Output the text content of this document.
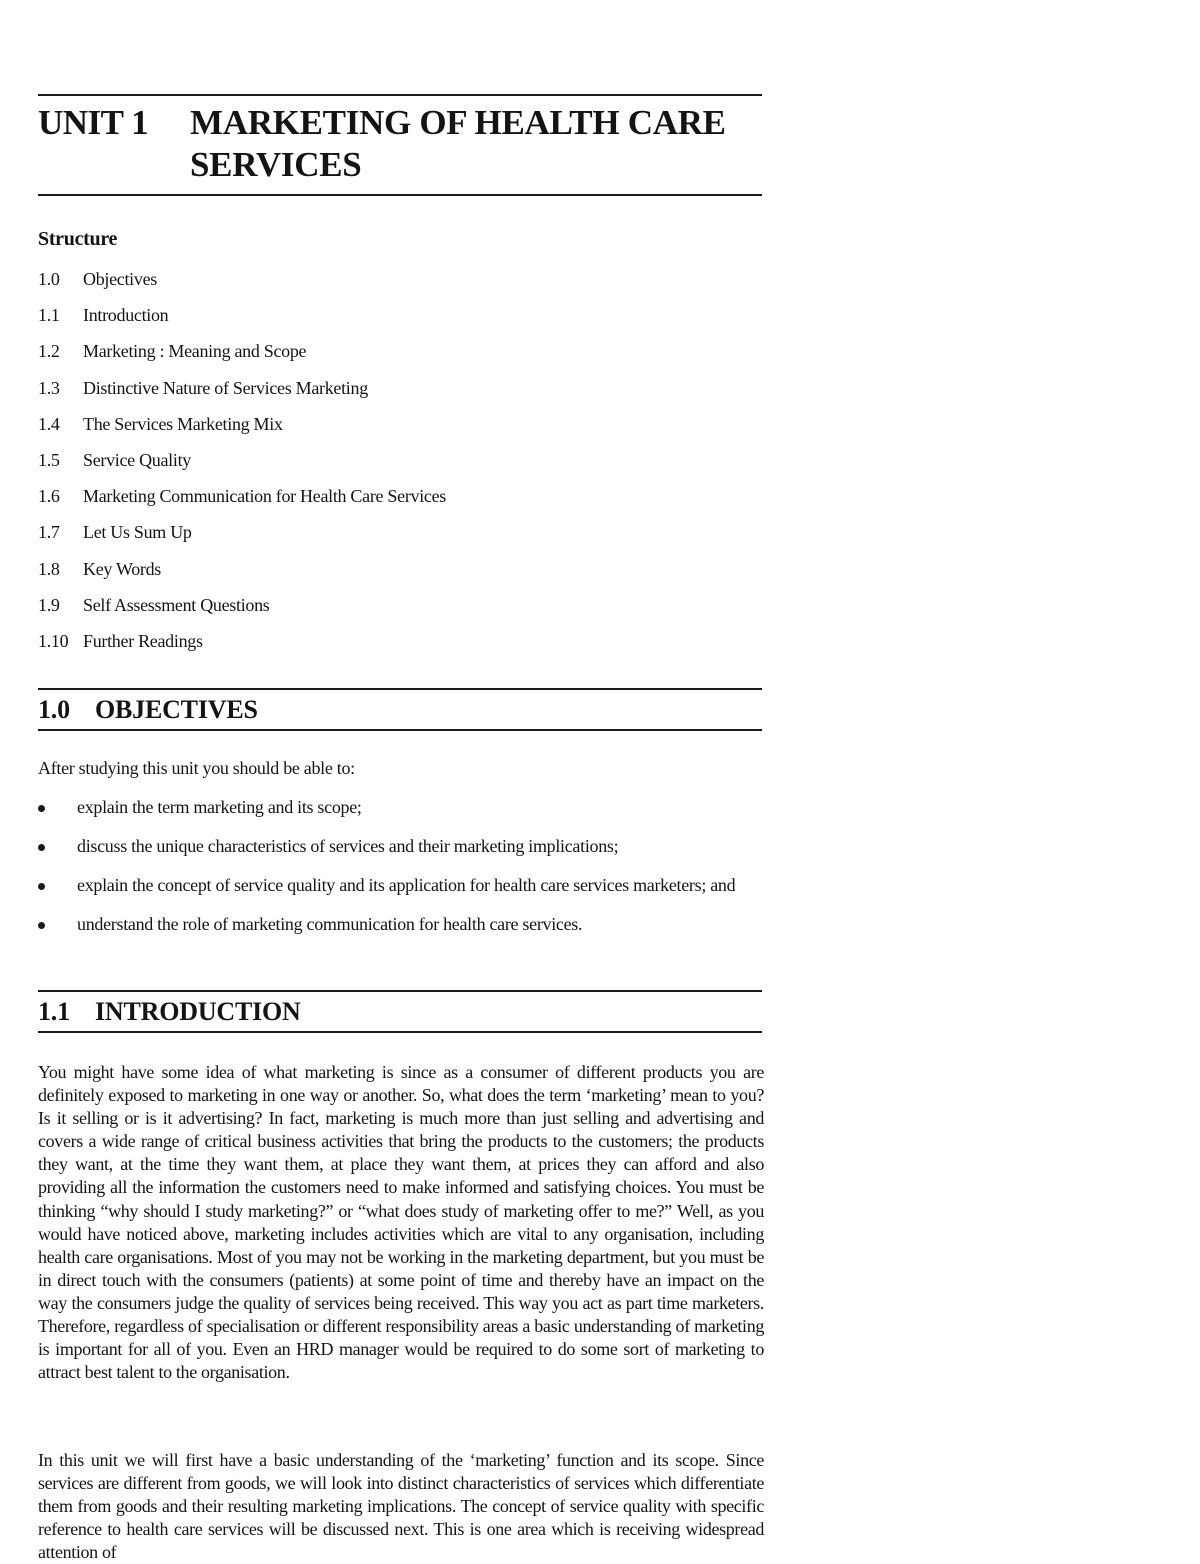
UNIT 1	MARKETING OF HEALTH CARE
SERVICES
Structure
1.0	Objectives
1.1	Introduction
1.2	Marketing : Meaning and Scope
1.3	Distinctive Nature of Services Marketing
1.4	The Services Marketing Mix
1.5	Service Quality
1.6	Marketing Communication for Health Care Services
1.7	Let Us Sum Up
1.8	Key Words
1.9	Self Assessment Questions
1.10 Further Readings
1.0 OBJECTIVES
After studying this unit you should be able to:
explain the term marketing and its scope;
discuss the unique characteristics of services and their marketing implications;
explain the concept of service quality and its application for health care services marketers; and
understand the role of marketing communication for health care services.
1.1 INTRODUCTION

You might have some idea of what marketing is since as a consumer of different products you are definitely exposed to marketing in one way or another. So, what does the term ‘marketing’ mean to you? Is it selling or is it advertising? In fact, marketing is much more than just selling and advertising and covers a wide range of critical business activities that bring the products to the customers; the products they want, at the time they want them, at place they want them, at prices they can afford and also providing all the information the customers need to make informed and satisfying choices. You must be thinking “why should I study marketing?” or “what does study of marketing offer to me?” Well, as you would have noticed above, marketing includes activities which are vital to any organisation, including health care organisations. Most of you may not be working in the marketing department, but you must be in direct touch with the consumers (patients) at some point of time and thereby have an impact on the way the consumers judge the quality of services being received. This way you act as part time marketers. Therefore, regardless of specialisation or different responsibility areas a basic understanding of marketing is important for all of you. Even an HRD manager would be required to do some sort of marketing to attract best talent to the organisation.

In this unit we will first have a basic understanding of the ‘marketing’ function and its scope. Since services are different from goods, we will look into distinct characteristics of services which differentiate them from goods and their resulting marketing implications. The concept of service quality with specific reference to health care services will be discussed next. This is one area which is receiving widespread attention of
